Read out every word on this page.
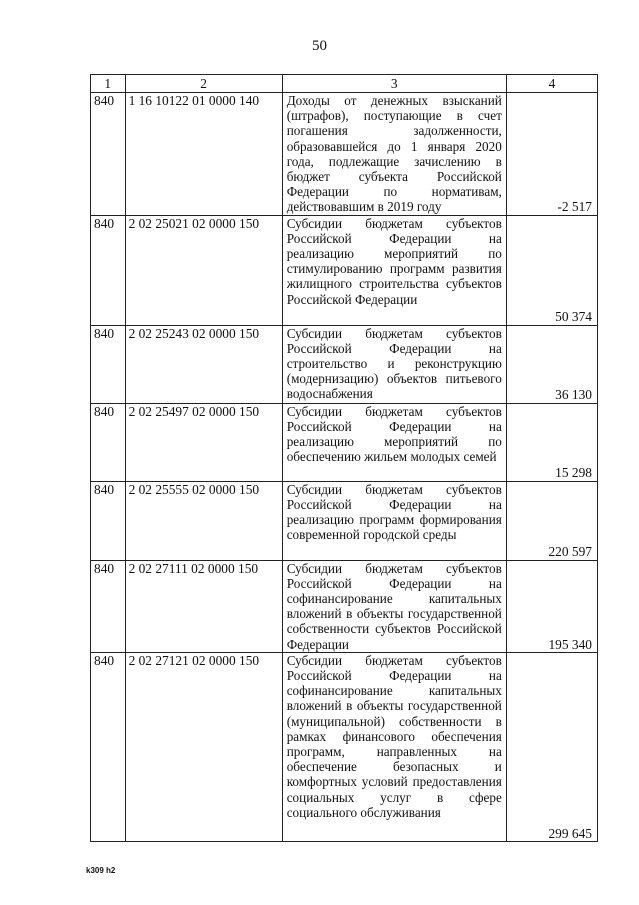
50
1	2	3	4
840	1 16 10122 01 0000 140	Доходы от денежных взысканий (штрафов), поступающие в счет погашения задолженности, образовавшейся до 1 января 2020 года, подлежащие зачислению в бюджет субъекта Российской Федерации по нормативам, действовавшим в 2019 году	-2 517
840	2 02 25021 02 0000 150	Субсидии бюджетам субъектов Российской Федерации на реализацию мероприятий по стимулированию программ развития жилищного строительства субъектов Российской Федерации	50 374
840	2 02 25243 02 0000 150	Субсидии бюджетам субъектов Российской Федерации на строительство и реконструкцию (модернизацию) объектов питьевого водоснабжения	36 130
840	2 02 25497 02 0000 150	Субсидии бюджетам субъектов Российской Федерации на реализацию мероприятий по обеспечению жильем молодых семей	15 298
840	2 02 25555 02 0000 150	Субсидии бюджетам субъектов Российской Федерации на реализацию программ формирования современной городской среды	220 597
840	2 02 27111 02 0000 150	Субсидии бюджетам субъектов Российской Федерации на софинансирование капитальных вложений в объекты государственной собственности субъектов Российской Федерации	195 340
840	2 02 27121 02 0000 150	Субсидии бюджетам субъектов Российской Федерации на софинансирование капитальных вложений в объекты государственной (муниципальной) собственности в рамках финансового обеспечения программ, направленных на обеспечение безопасных и комфортных условий предоставления социальных услуг в сфере социального обслуживания	299 645
k309 h2
